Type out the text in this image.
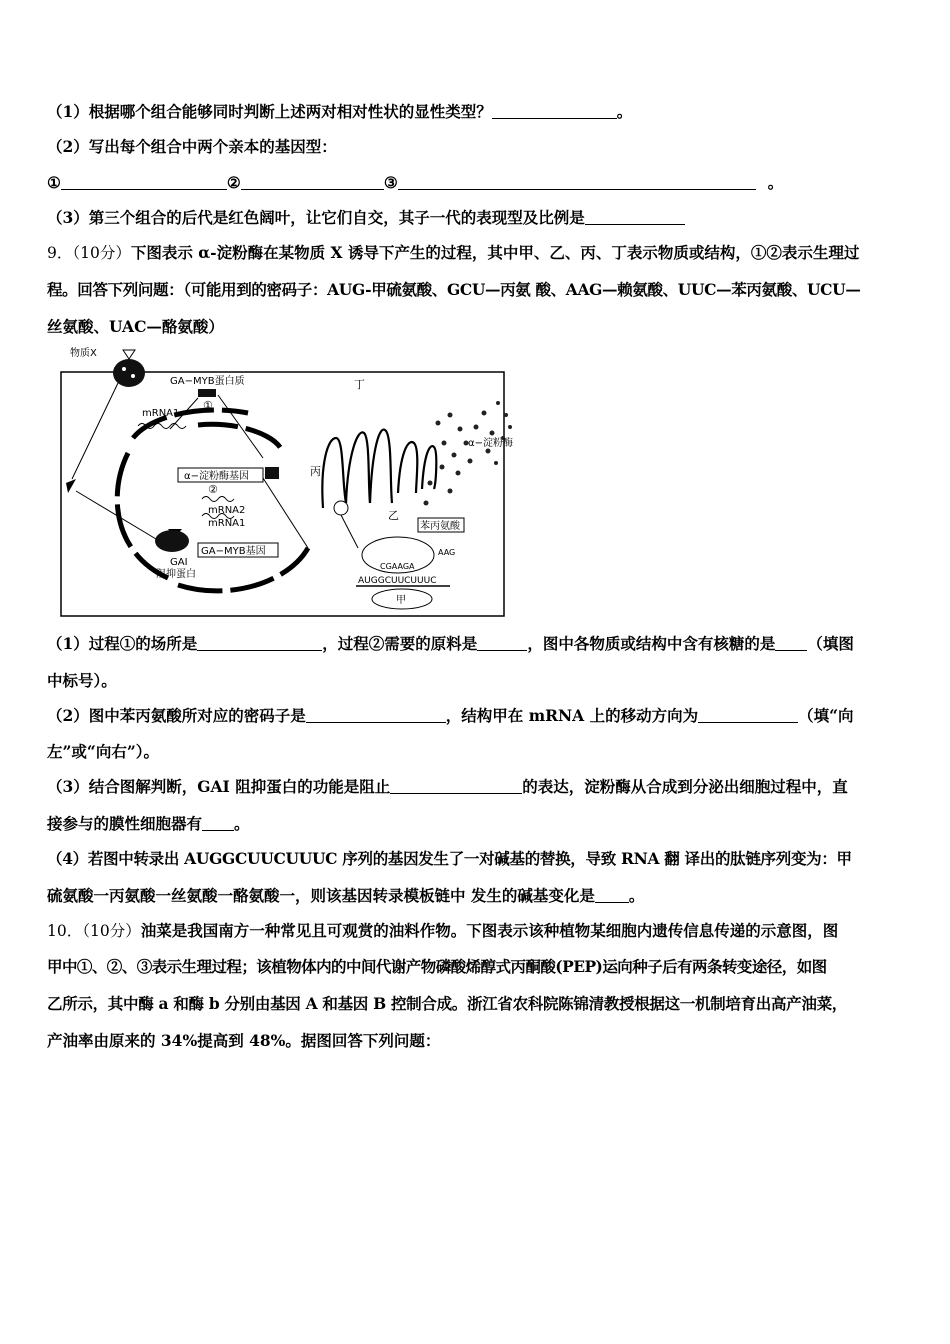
（1）根据哪个组合能够同时判断上述两对相对性状的显性类型？	。
（2）写出每个组合中两个亲本的基因型：
①	②	③	。
（3）第三个组合的后代是红色阔叶，让它们自交，其子一代的表现型及比例是
9．（10分）下图表示 α-淀粉酶在某物质 X 诱导下产生的过程，其中甲、乙、丙、丁表示物质或结构，①②表示生理过
程。回答下列问题：（可能用到的密码子：AUG-甲硫氨酸、GCU—丙氨 酸、AAG—赖氨酸、UUC—苯丙氨酸、UCU—
丝氨酸、UAC—酪氨酸）
物质X
GA−MYB蛋白质
①
mRNA1
α−淀粉酶基因
②
mRNA2
mRNA1
GA−MYB基因
GAI
阻抑蛋白
丙
乙
丁
α−淀粉酶
苯丙氨酸
AAG
CGAAGA
AUGGCUUCUUUC
甲
（1）过程①的场所是	，过程②需要的原料是	，图中各物质或结构中含有核糖的是 （填图
中标号）。
（2）图中苯丙氨酸所对应的密码子是	，结构甲在 mRNA 上的移动方向为	（填“向
左”或“向右”）。
（3）结合图解判断，GAI 阻抑蛋白的功能是阻止	的表达，淀粉酶从合成到分泌出细胞过程中，直
接参与的膜性细胞器有 。
（4）若图中转录出 AUGGCUUCUUUC 序列的基因发生了一对碱基的替换，导致 RNA 翻 译出的肽链序列变为：甲
硫氨酸一丙氨酸一丝氨酸一酪氨酸一，则该基因转录模板链中 发生的碱基变化是 。
10．（10分）油菜是我国南方一种常见且可观赏的油料作物。下图表示该种植物某细胞内遗传信息传递的示意图，图
甲中①、②、③表示生理过程；该植物体内的中间代谢产物磷酸烯醇式丙酮酸(PEP)运向种子后有两条转变途径，如图
乙所示，其中酶 a 和酶 b 分别由基因 A 和基因 B 控制合成。浙江省农科院陈锦清教授根据这一机制培育出高产油菜，
产油率由原来的 34%提高到 48%。据图回答下列问题：
